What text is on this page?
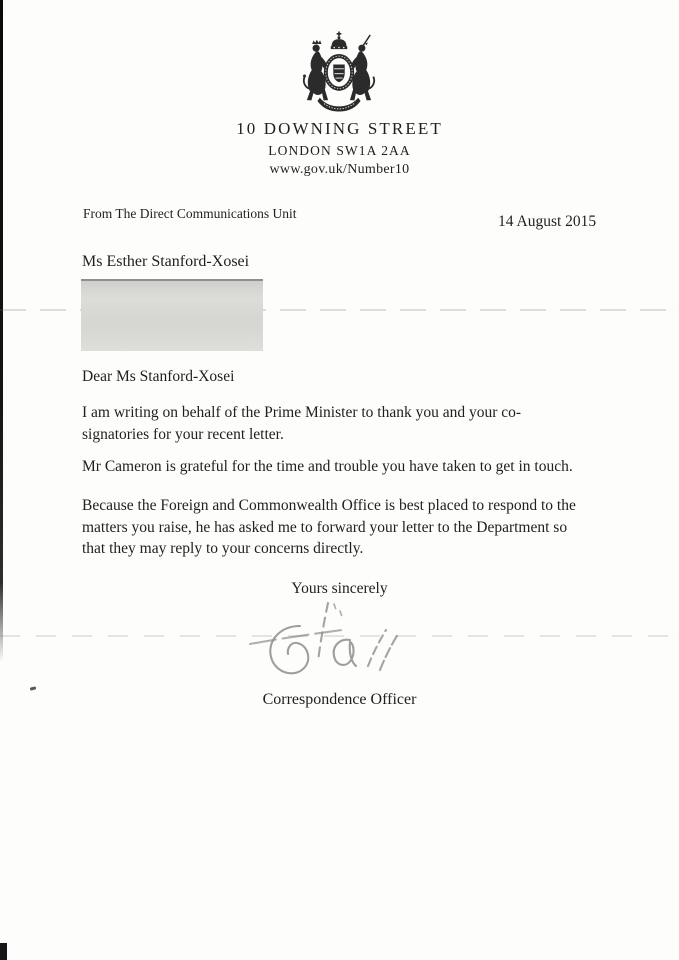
10 DOWNING STREET
LONDON SW1A 2AA
www.gov.uk/Number10
From The Direct Communications Unit	14 August 2015
Ms Esther Stanford-Xosei
Dear Ms Stanford-Xosei
I am writing on behalf of the Prime Minister to thank you and your co-
signatories for your recent letter.
Mr Cameron is grateful for the time and trouble you have taken to get in touch.
Because the Foreign and Commonwealth Office is best placed to respond to the
matters you raise, he has asked me to forward your letter to the Department so
that they may reply to your concerns directly.
Yours sincerely
Correspondence Officer
